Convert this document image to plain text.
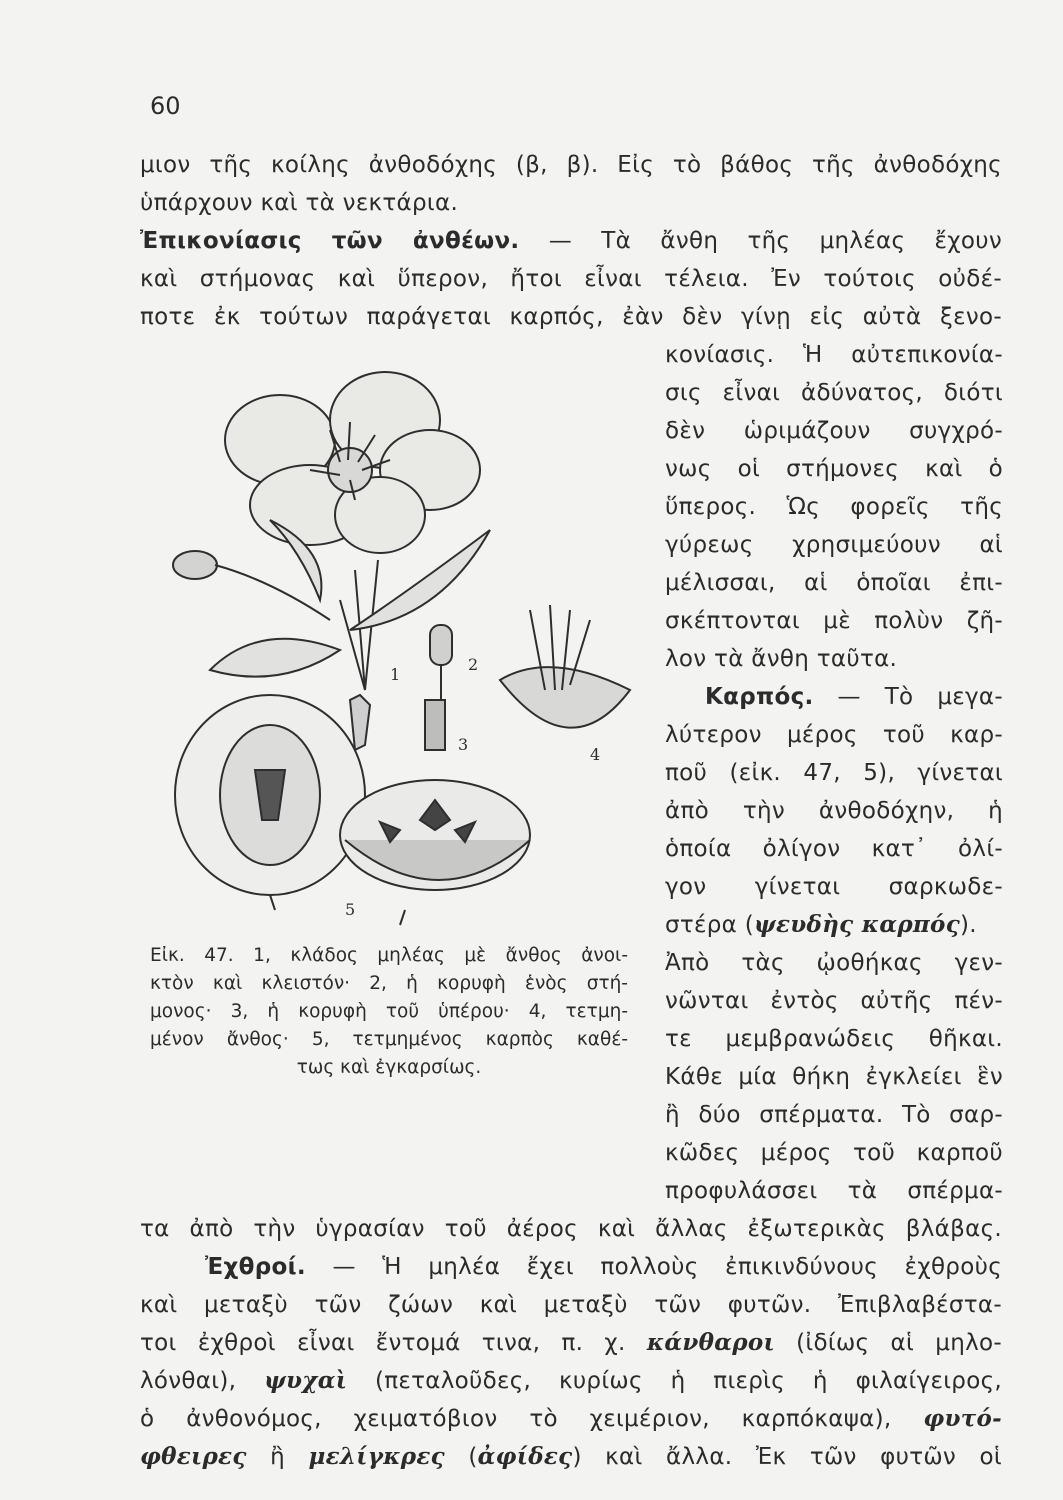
60
μιον τῆς κοίλης ἀνθοδόχης (β, β). Εἰς τὸ βάθος τῆς ἀνθοδόχης
ὑπάρχουν καὶ τὰ νεκτάρια.
Ἐπικονίασις τῶν ἀνθέων. — Τὰ ἄνθη τῆς μηλέας ἔχουν
καὶ στήμονας καὶ ὕπερον, ἤτοι εἶναι τέλεια. Ἐν τούτοις οὐδέ-
ποτε ἐκ τούτων παράγεται καρπός, ἐὰν δὲν γίνῃ εἰς αὐτὰ ξενο-
κονίασις. Ἡ αὐτεπικονία-
σις εἶναι ἀδύνατος, διότι
δὲν ὡριμάζουν συγχρό-
νως οἱ στήμονες καὶ ὁ
ὕπερος. Ὡς φορεῖς τῆς
γύρεως χρησιμεύουν αἱ
μέλισσαι, αἱ ὁποῖαι ἐπι-
σκέπτονται μὲ πολὺν ζῆ-
λον τὰ ἄνθη ταῦτα.
Καρπός. — Τὸ μεγα-
λύτερον μέρος τοῦ καρ-
ποῦ (εἰκ. 47, 5), γίνεται
ἀπὸ τὴν ἀνθοδόχην, ἡ
ὁποία ὀλίγον κατ᾽ ὀλί-
γον γίνεται σαρκωδε-
στέρα (ψευδὴς καρπός).
Ἀπὸ τὰς ᾠοθήκας γεν-
νῶνται ἐντὸς αὐτῆς πέν-
τε μεμβρανώδεις θῆκαι.
Κάθε μία θήκη ἐγκλείει ἓν
ἢ δύο σπέρματα. Τὸ σαρ-
κῶδες μέρος τοῦ καρποῦ
προφυλάσσει τὰ σπέρμα-
1
2
3
4
5
Εἰκ. 47. 1, κλάδος μηλέας μὲ ἄνθος ἀνοι-
κτὸν καὶ κλειστόν· 2, ἡ κορυφὴ ἑνὸς στή-
μονος· 3, ἡ κορυφὴ τοῦ ὑπέρου· 4, τετμη-
μένον ἄνθος· 5, τετμημένος καρπὸς καθέ-
τως καὶ ἐγκαρσίως.
τα ἀπὸ τὴν ὑγρασίαν τοῦ ἀέρος καὶ ἄλλας ἐξωτερικὰς βλάβας.
Ἐχθροί. — Ἡ μηλέα ἔχει πολλοὺς ἐπικινδύνους ἐχθροὺς
καὶ μεταξὺ τῶν ζώων καὶ μεταξὺ τῶν φυτῶν. Ἐπιβλαβέστα-
τοι ἐχθροὶ εἶναι ἔντομά τινα, π. χ. κάνθαροι (ἰδίως αἱ μηλο-
λόνθαι), ψυχαὶ (πεταλοῦδες, κυρίως ἡ πιερὶς ἡ φιλαίγειρος,
ὁ ἀνθονόμος, χειματόβιον τὸ χειμέριον, καρπόκαψα), φυτό-
φθειρες ἢ μελίγκρες (ἀφίδες) καὶ ἄλλα. Ἐκ τῶν φυτῶν οἱ
